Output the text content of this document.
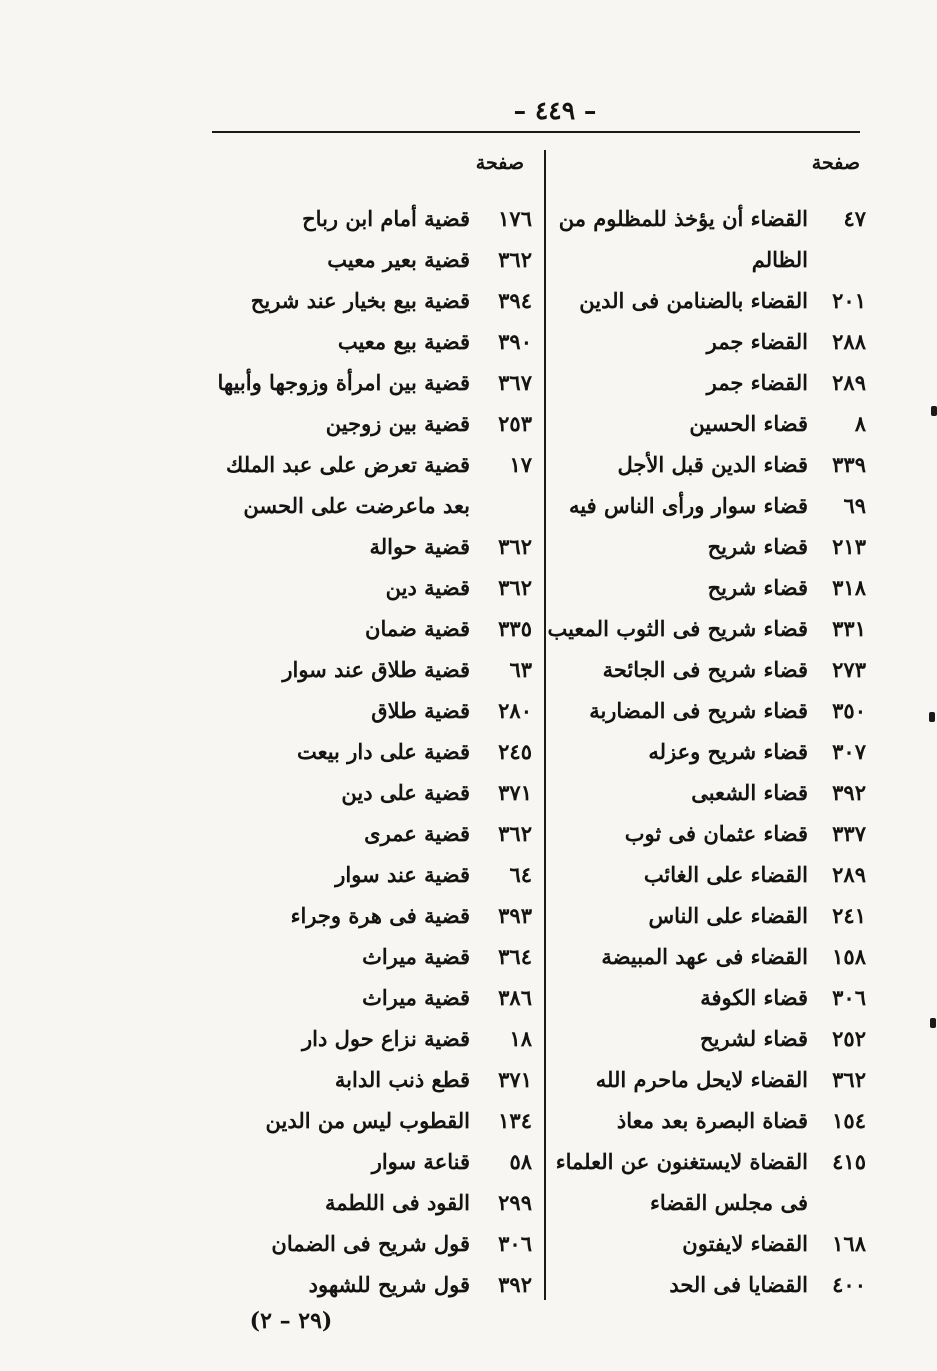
– ٤٤٩ –
صفحة
٤٧
القضاء أن يؤخذ للمظلوم من الظالم
٢٠١
القضاء بالضنامن فى الدين
٢٨٨
القضاء جمر
٢٨٩
القضاء جمر
٨
قضاء الحسين
٣٣٩
قضاء الدين قبل الأجل
٦٩
قضاء سوار ورأى الناس فيه
٢١٣
قضاء شريح
٣١٨
قضاء شريح
٣٣١
قضاء شريح فى الثوب المعيب
٢٧٣
قضاء شريح فى الجائحة
٣٥٠
قضاء شريح فى المضاربة
٣٠٧
قضاء شريح وعزله
٣٩٢
قضاء الشعبى
٣٣٧
قضاء عثمان فى ثوب
٢٨٩
القضاء على الغائب
٢٤١
القضاء على الناس
١٥٨
القضاء فى عهد المبيضة
٣٠٦
قضاء الكوفة
٢٥٢
قضاء لشريح
٣٦٢
القضاء لايحل ماحرم الله
١٥٤
قضاة البصرة بعد معاذ
٤١٥
القضاة لايستغنون عن العلماء فى مجلس القضاء
١٦٨
القضاء لايفتون
٤٠٠
القضايا فى الحد
صفحة
١٧٦
قضية أمام ابن رباح
٣٦٢
قضية بعير معيب
٣٩٤
قضية بيع بخيار عند شريح
٣٩٠
قضية بيع معيب
٣٦٧
قضية بين امرأة وزوجها وأبيها
٢٥٣
قضية بين زوجين
١٧
قضية تعرض على عبد الملك بعد ماعرضت على الحسن
٣٦٢
قضية حوالة
٣٦٢
قضية دين
٣٣٥
قضية ضمان
٦٣
قضية طلاق عند سوار
٢٨٠
قضية طلاق
٢٤٥
قضية على دار بيعت
٣٧١
قضية على دين
٣٦٢
قضية عمرى
٦٤
قضية عند سوار
٣٩٣
قضية فى هرة وجراء
٣٦٤
قضية ميراث
٣٨٦
قضية ميراث
١٨
قضية نزاع حول دار
٣٧١
قطع ذنب الدابة
١٣٤
القطوب ليس من الدين
٥٨
قناعة سوار
٢٩٩
القود فى اللطمة
٣٠٦
قول شريح فى الضمان
٣٩٢
قول شريح للشهود
(٢٩ – ٢)
